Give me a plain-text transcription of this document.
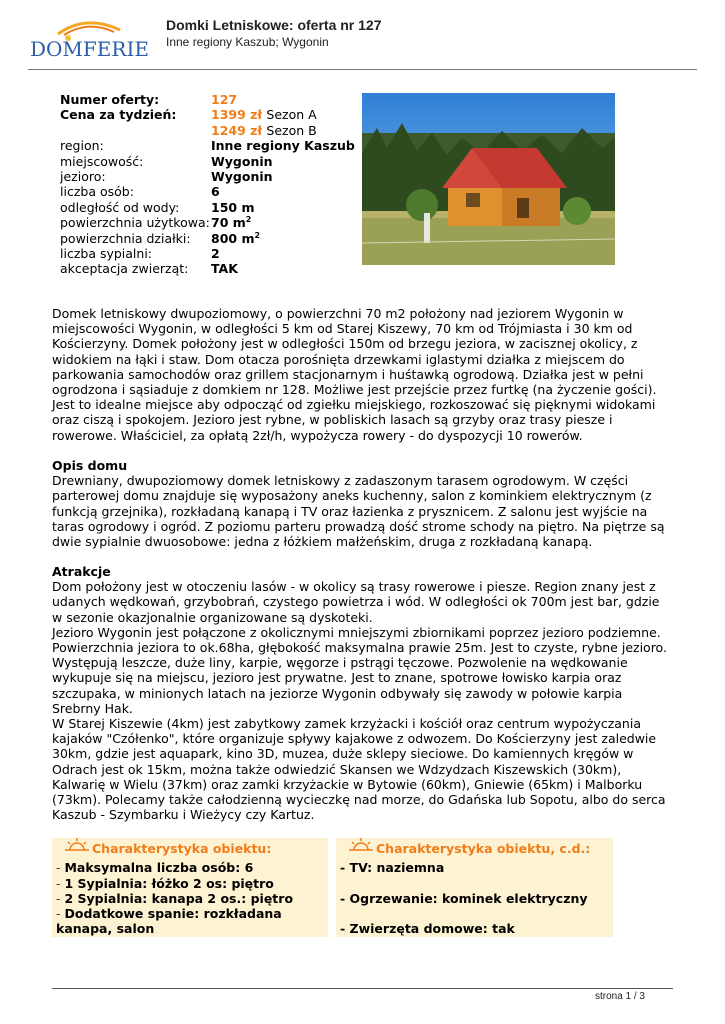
DOMFERIE
Domki Letniskowe: oferta nr 127
Inne regiony Kaszub; Wygonin
Numer oferty:	127
Cena za tydzień:	1399 zł Sezon A
1249 zł Sezon B
region:	Inne regiony Kaszub
miejscowość:	Wygonin
jezioro:	Wygonin
liczba osób:	6
odległość od wody:	150 m
powierzchnia użytkowa: 70 $m^2$
powierzchnia działki:	800 $m^2$
liczba sypialni:	2
akceptacja zwierząt:	TAK

Domek letniskowy dwupoziomowy, o powierzchni 70 m2 położony nad jeziorem Wygonin w miejscowości Wygonin, w odległości 5 km od Starej Kiszewy, 70 km od Trójmiasta i 30 km od Kościerzyny. Domek położony jest w odległości 150m od brzegu jeziora, w zacisznej okolicy, z widokiem na łąki i staw. Dom otacza porośnięta drzewkami iglastymi działka z miejscem do parkowania samochodów oraz grillem stacjonarnym i huśtawką ogrodową. Działka jest w pełni ogrodzona i sąsiaduje z domkiem nr 128. Możliwe jest przejście przez furtkę (na życzenie gości). Jest to idealne miejsce aby odpocząć od zgiełku miejskiego, rozkoszować się pięknymi widokami oraz ciszą i spokojem. Jezioro jest rybne, w pobliskich lasach są grzyby oraz trasy piesze i rowerowe. Właściciel, za opłatą 2zł/h, wypożycza rowery - do dyspozycji 10 rowerów.

Opis domu

Drewniany, dwupoziomowy domek letniskowy z zadaszonym tarasem ogrodowym. W części parterowej domu znajduje się wyposażony aneks kuchenny, salon z kominkiem elektrycznym (z funkcją grzejnika), rozkładaną kanapą i TV oraz łazienka z prysznicem. Z salonu jest wyjście na taras ogrodowy i ogród. Z poziomu parteru prowadzą dość strome schody na piętro. Na piętrze są dwie sypialnie dwuosobowe: jedna z łóżkiem małżeńskim, druga z rozkładaną kanapą.

Atrakcje

Dom położony jest w otoczeniu lasów - w okolicy są trasy rowerowe i piesze. Region znany jest z udanych wędkowań, grzybobrań, czystego powietrza i wód. W odległości ok 700m jest bar, gdzie w sezonie okazjonalnie organizowane są dyskoteki.

Jezioro Wygonin jest połączone z okolicznymi mniejszymi zbiornikami poprzez jezioro podziemne. Powierzchnia jeziora to ok.68ha, głębokość maksymalna prawie 25m. Jest to czyste, rybne jezioro. Występują leszcze, duże liny, karpie, węgorze i pstrągi tęczowe. Pozwolenie na wędkowanie wykupuje się na miejscu, jezioro jest prywatne. Jest to znane, spotrowe łowisko karpia oraz szczupaka, w minionych latach na jeziorze Wygonin odbywały się zawody w połowie karpia Srebrny Hak.

W Starej Kiszewie (4km) jest zabytkowy zamek krzyżacki i kościół oraz centrum wypożyczania kajaków "Czółenko", które organizuje spływy kajakowe z odwozem. Do Kościerzyny jest zaledwie 30km, gdzie jest aquapark, kino 3D, muzea, duże sklepy sieciowe. Do kamiennych kręgów w Odrach jest ok 15km, można także odwiedzić Skansen we Wdzydzach Kiszewskich (30km), Kalwarię w Wielu (37km) oraz zamki krzyżackie w Bytowie (60km), Gniewie (65km) i Malborku (73km). Polecamy także całodzienną wycieczkę nad morze, do Gdańska lub Sopotu, albo do serca Kaszub - Szymbarku i Wieżycy czy Kartuz.

Charakterystyka obiektu:
- Maksymalna liczba osób: 6
- 1 Sypialnia: łóżko 2 os: piętro
- 2 Sypialnia: kanapa 2 os.: piętro
- Dodatkowe spanie: rozkładana kanapa, salon
Charakterystyka obiektu, c.d.:
- TV: naziemna
- Ogrzewanie: kominek elektryczny
- Zwierzęta domowe: tak
strona 1 / 3
